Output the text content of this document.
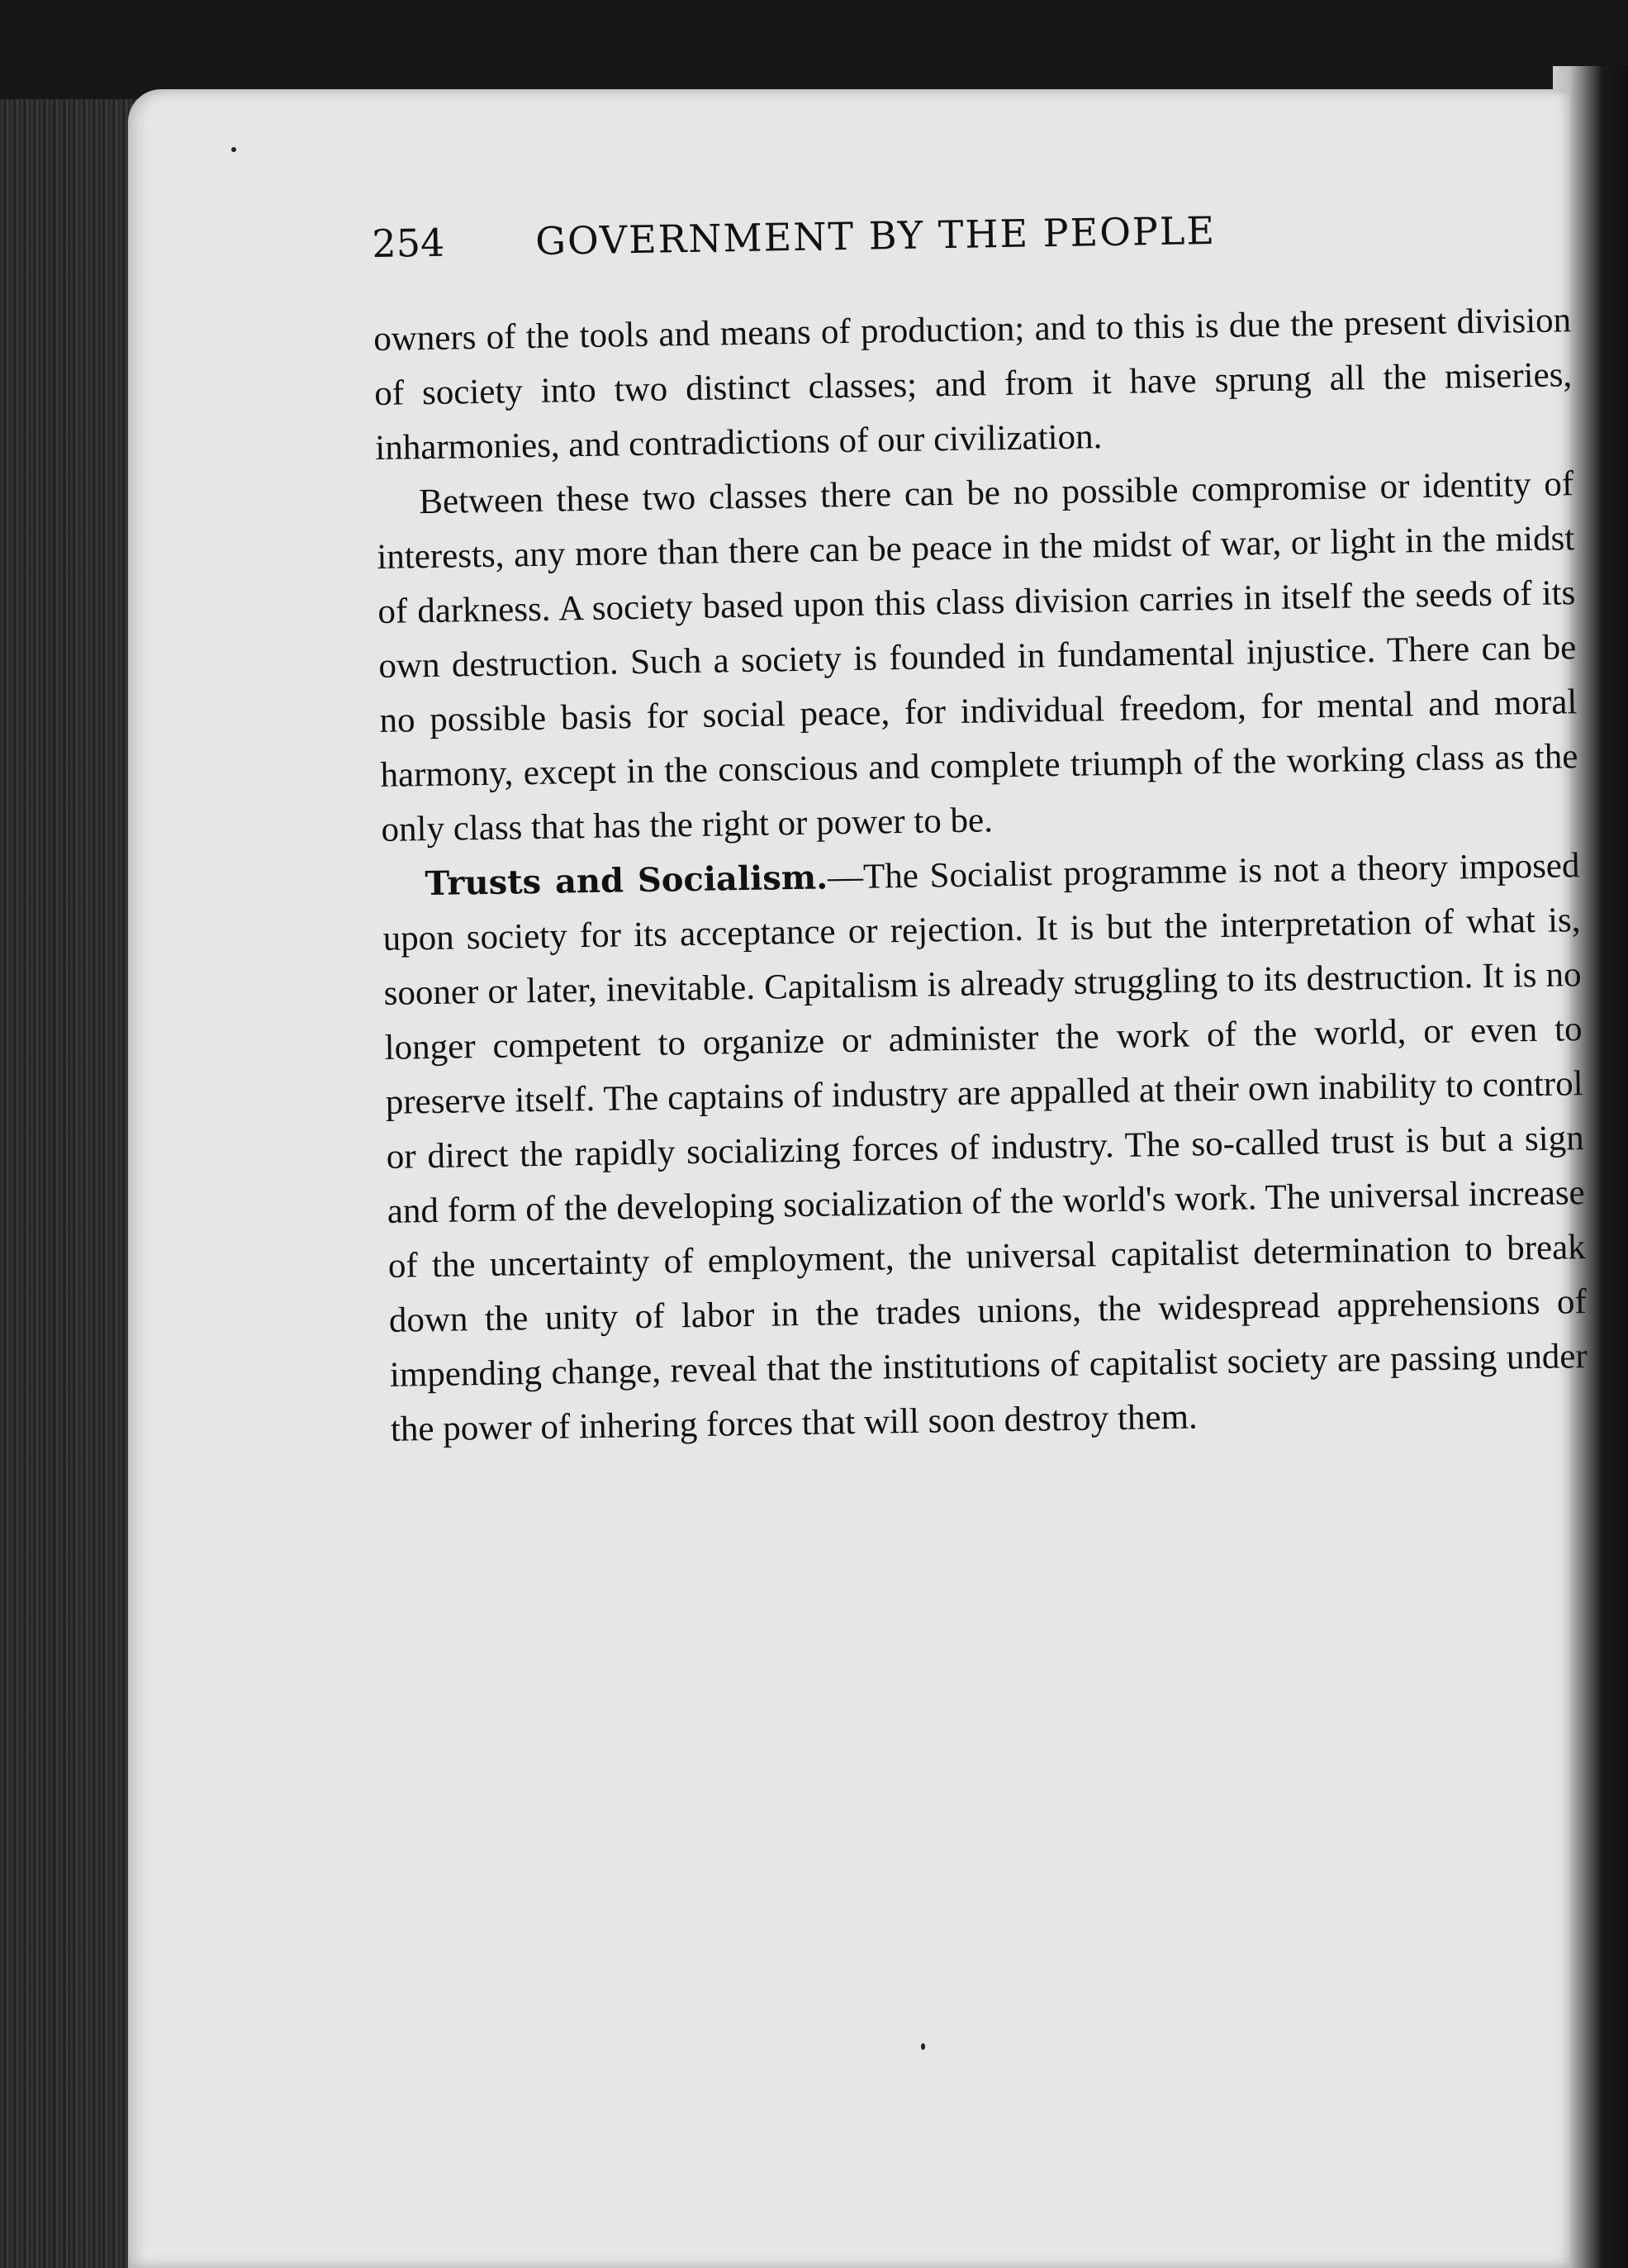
254 GOVERNMENT BY THE PEOPLE

owners of the tools and means of production; and to this is due the present division of society into two distinct classes; and from it have sprung all the miseries, inharmonies, and contradictions of our civilization.

Between these two classes there can be no possible compromise or identity of interests, any more than there can be peace in the midst of war, or light in the midst of darkness. A society based upon this class division carries in itself the seeds of its own destruction. Such a society is founded in fundamental injustice. There can be no possible basis for social peace, for individual freedom, for mental and moral harmony, except in the conscious and complete triumph of the working class as the only class that has the right or power to be.

Trusts and Socialism.—The Socialist programme is not a theory imposed upon society for its acceptance or rejection. It is but the interpretation of what is, sooner or later, inevitable. Capitalism is already struggling to its destruction. It is no longer competent to organize or administer the work of the world, or even to preserve itself. The captains of industry are appalled at their own inability to control or direct the rapidly socializing forces of industry. The so-called trust is but a sign and form of the developing socialization of the world's work. The universal increase of the uncertainty of employment, the universal capitalist determination to break down the unity of labor in the trades unions, the widespread apprehensions of impending change, reveal that the institutions of capitalist society are passing under the power of inhering forces that will soon destroy them.
